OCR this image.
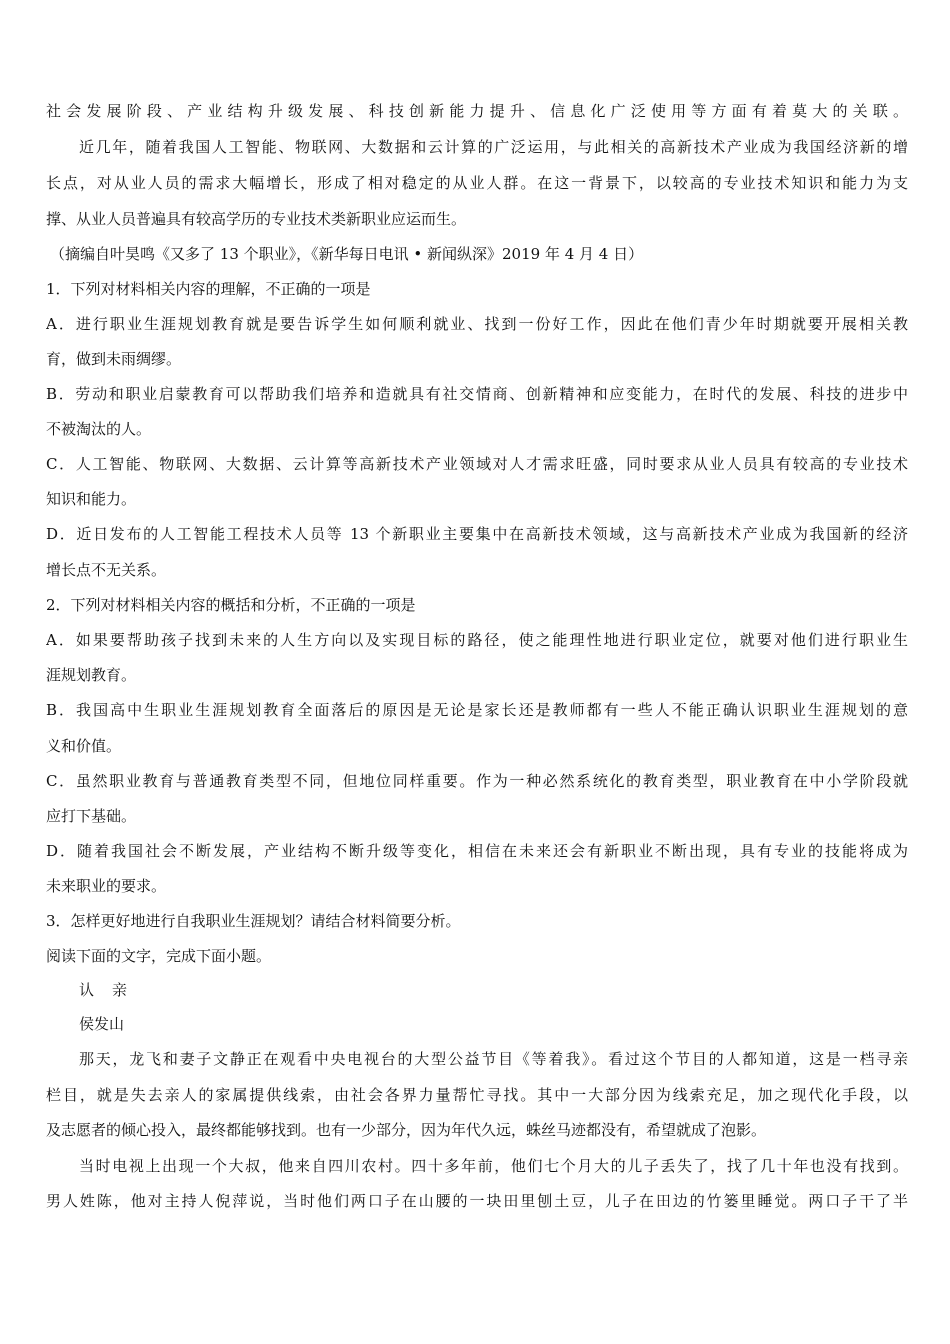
社会发展阶段、产业结构升级发展、科技创新能力提升、信息化广泛使用等方面有着莫大的关联。
近几年，随着我国人工智能、物联网、大数据和云计算的广泛运用，与此相关的高新技术产业成为我国经济新的增
长点，对从业人员的需求大幅增长，形成了相对稳定的从业人群。在这一背景下，以较高的专业技术知识和能力为支
撑、从业人员普遍具有较高学历的专业技术类新职业应运而生。
（摘编自叶昊鸣《又多了 13 个职业》，《新华每日电讯 • 新闻纵深》2019 年 4 月 4 日）
1．下列对材料相关内容的理解，不正确的一项是
A．进行职业生涯规划教育就是要告诉学生如何顺利就业、找到一份好工作，因此在他们青少年时期就要开展相关教
育，做到未雨绸缪。
B．劳动和职业启蒙教育可以帮助我们培养和造就具有社交情商、创新精神和应变能力，在时代的发展、科技的进步中
不被淘汰的人。
C．人工智能、物联网、大数据、云计算等高新技术产业领域对人才需求旺盛，同时要求从业人员具有较高的专业技术
知识和能力。
D．近日发布的人工智能工程技术人员等 13 个新职业主要集中在高新技术领域，这与高新技术产业成为我国新的经济
增长点不无关系。
2．下列对材料相关内容的概括和分析，不正确的一项是
A．如果要帮助孩子找到未来的人生方向以及实现目标的路径，使之能理性地进行职业定位，就要对他们进行职业生
涯规划教育。
B．我国高中生职业生涯规划教育全面落后的原因是无论是家长还是教师都有一些人不能正确认识职业生涯规划的意
义和价值。
C．虽然职业教育与普通教育类型不同，但地位同样重要。作为一种必然系统化的教育类型，职业教育在中小学阶段就
应打下基础。
D．随着我国社会不断发展，产业结构不断升级等变化，相信在未来还会有新职业不断出现，具有专业的技能将成为
未来职业的要求。
3．怎样更好地进行自我职业生涯规划？请结合材料简要分析。
阅读下面的文字，完成下面小题。
认 亲
侯发山
那天，龙飞和妻子文静正在观看中央电视台的大型公益节目《等着我》。看过这个节目的人都知道，这是一档寻亲
栏目，就是失去亲人的家属提供线索，由社会各界力量帮忙寻找。其中一大部分因为线索充足，加之现代化手段，以
及志愿者的倾心投入，最终都能够找到。也有一少部分，因为年代久远，蛛丝马迹都没有，希望就成了泡影。
当时电视上出现一个大叔，他来自四川农村。四十多年前，他们七个月大的儿子丢失了，找了几十年也没有找到。
男人姓陈，他对主持人倪萍说，当时他们两口子在山腰的一块田里刨土豆，儿子在田边的竹篓里睡觉。两口子干了半
